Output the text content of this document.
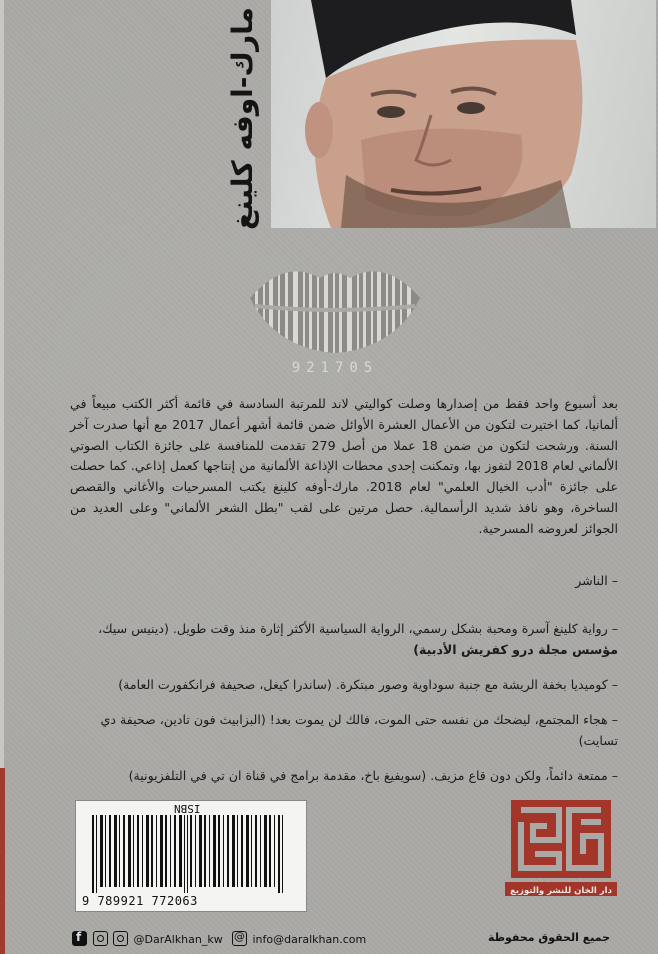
مارك-اوفه كلينغ
921705

بعد أسبوع واحد فقط من إصدارها وصلت كواليتي لاند للمرتبة السادسة في قائمة أكثر الكتب مبيعاً في ألمانيا، كما اختيرت لتكون من الأعمال العشرة الأوائل ضمن قائمة أشهر أعمال 2017 مع أنها صدرت آخر السنة. ورشحت لتكون من ضمن 18 عملا من أصل 279 تقدمت للمنافسة على جائزة الكتاب الصوتي الألماني لعام 2018 لتفوز بها، وتمكنت إحدى محطات الإذاعة الألمانية من إنتاجها كعمل إذاعي. كما حصلت على جائزة "أدب الخيال العلمي" لعام 2018. مارك-أوفه كلينغ يكتب المسرحيات والأغاني والقصص الساخرة، وهو نافذ شديد الرأسمالية. حصل مرتين على لقب "بطل الشعر الألماني" وعلى العديد من الجوائز لعروضه المسرحية.

– الناشر

– رواية كلينغ آسرة ومحبة بشكل رسمي، الرواية السياسية الأكثر إثارة منذ وقت طويل. (دينيس سيك، مؤسس مجلة درو كفريش الأدبية)

– كوميديا بخفة الريشة مع جنبة سوداوية وصور مبتكرة. (ساندرا كيغل، صحيفة فرانكفورت العامة)

– هجاء المجتمع، ليضحك من نفسه حتى الموت، فالك لن يموت بعد! (البزابيث فون تادين، صحيفة دي تسايت)

– ممتعة دائماً، ولكن دون قاع مزيف. (سويفيغ باخ، مقدمة برامج في قناة ان تي في التلفزيونية)

ISBN
9 789921 772063
دار الخان للنشر والتوزيع
f   @DarAlkhan_kw
@	info@daralkhan.com	جميع الحقوق محفوظة
